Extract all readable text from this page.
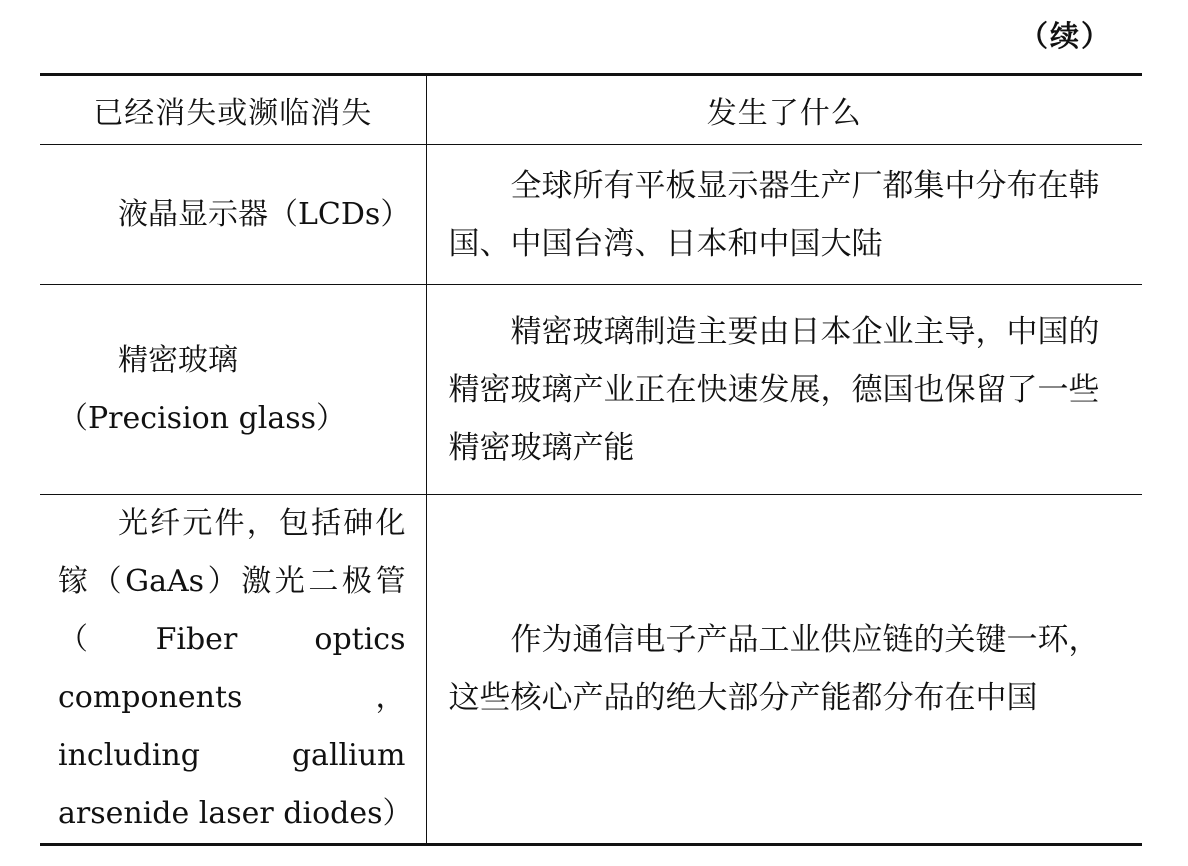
（续）
已经消失或濒临消失	发生了什么
液晶显示器（LCDs）	全球所有平板显示器生产厂都集中分布在韩国、中国台湾、日本和中国大陆
精密玻璃（Precision glass）	精密玻璃制造主要由日本企业主导，中国的精密玻璃产业正在快速发展，德国也保留了一些精密玻璃产能
光纤元件，包括砷化镓（GaAs）激光二极管（Fiber optics components，including gallium arsenide laser diodes）	作为通信电子产品工业供应链的关键一环，这些核心产品的绝大部分产能都分布在中国
